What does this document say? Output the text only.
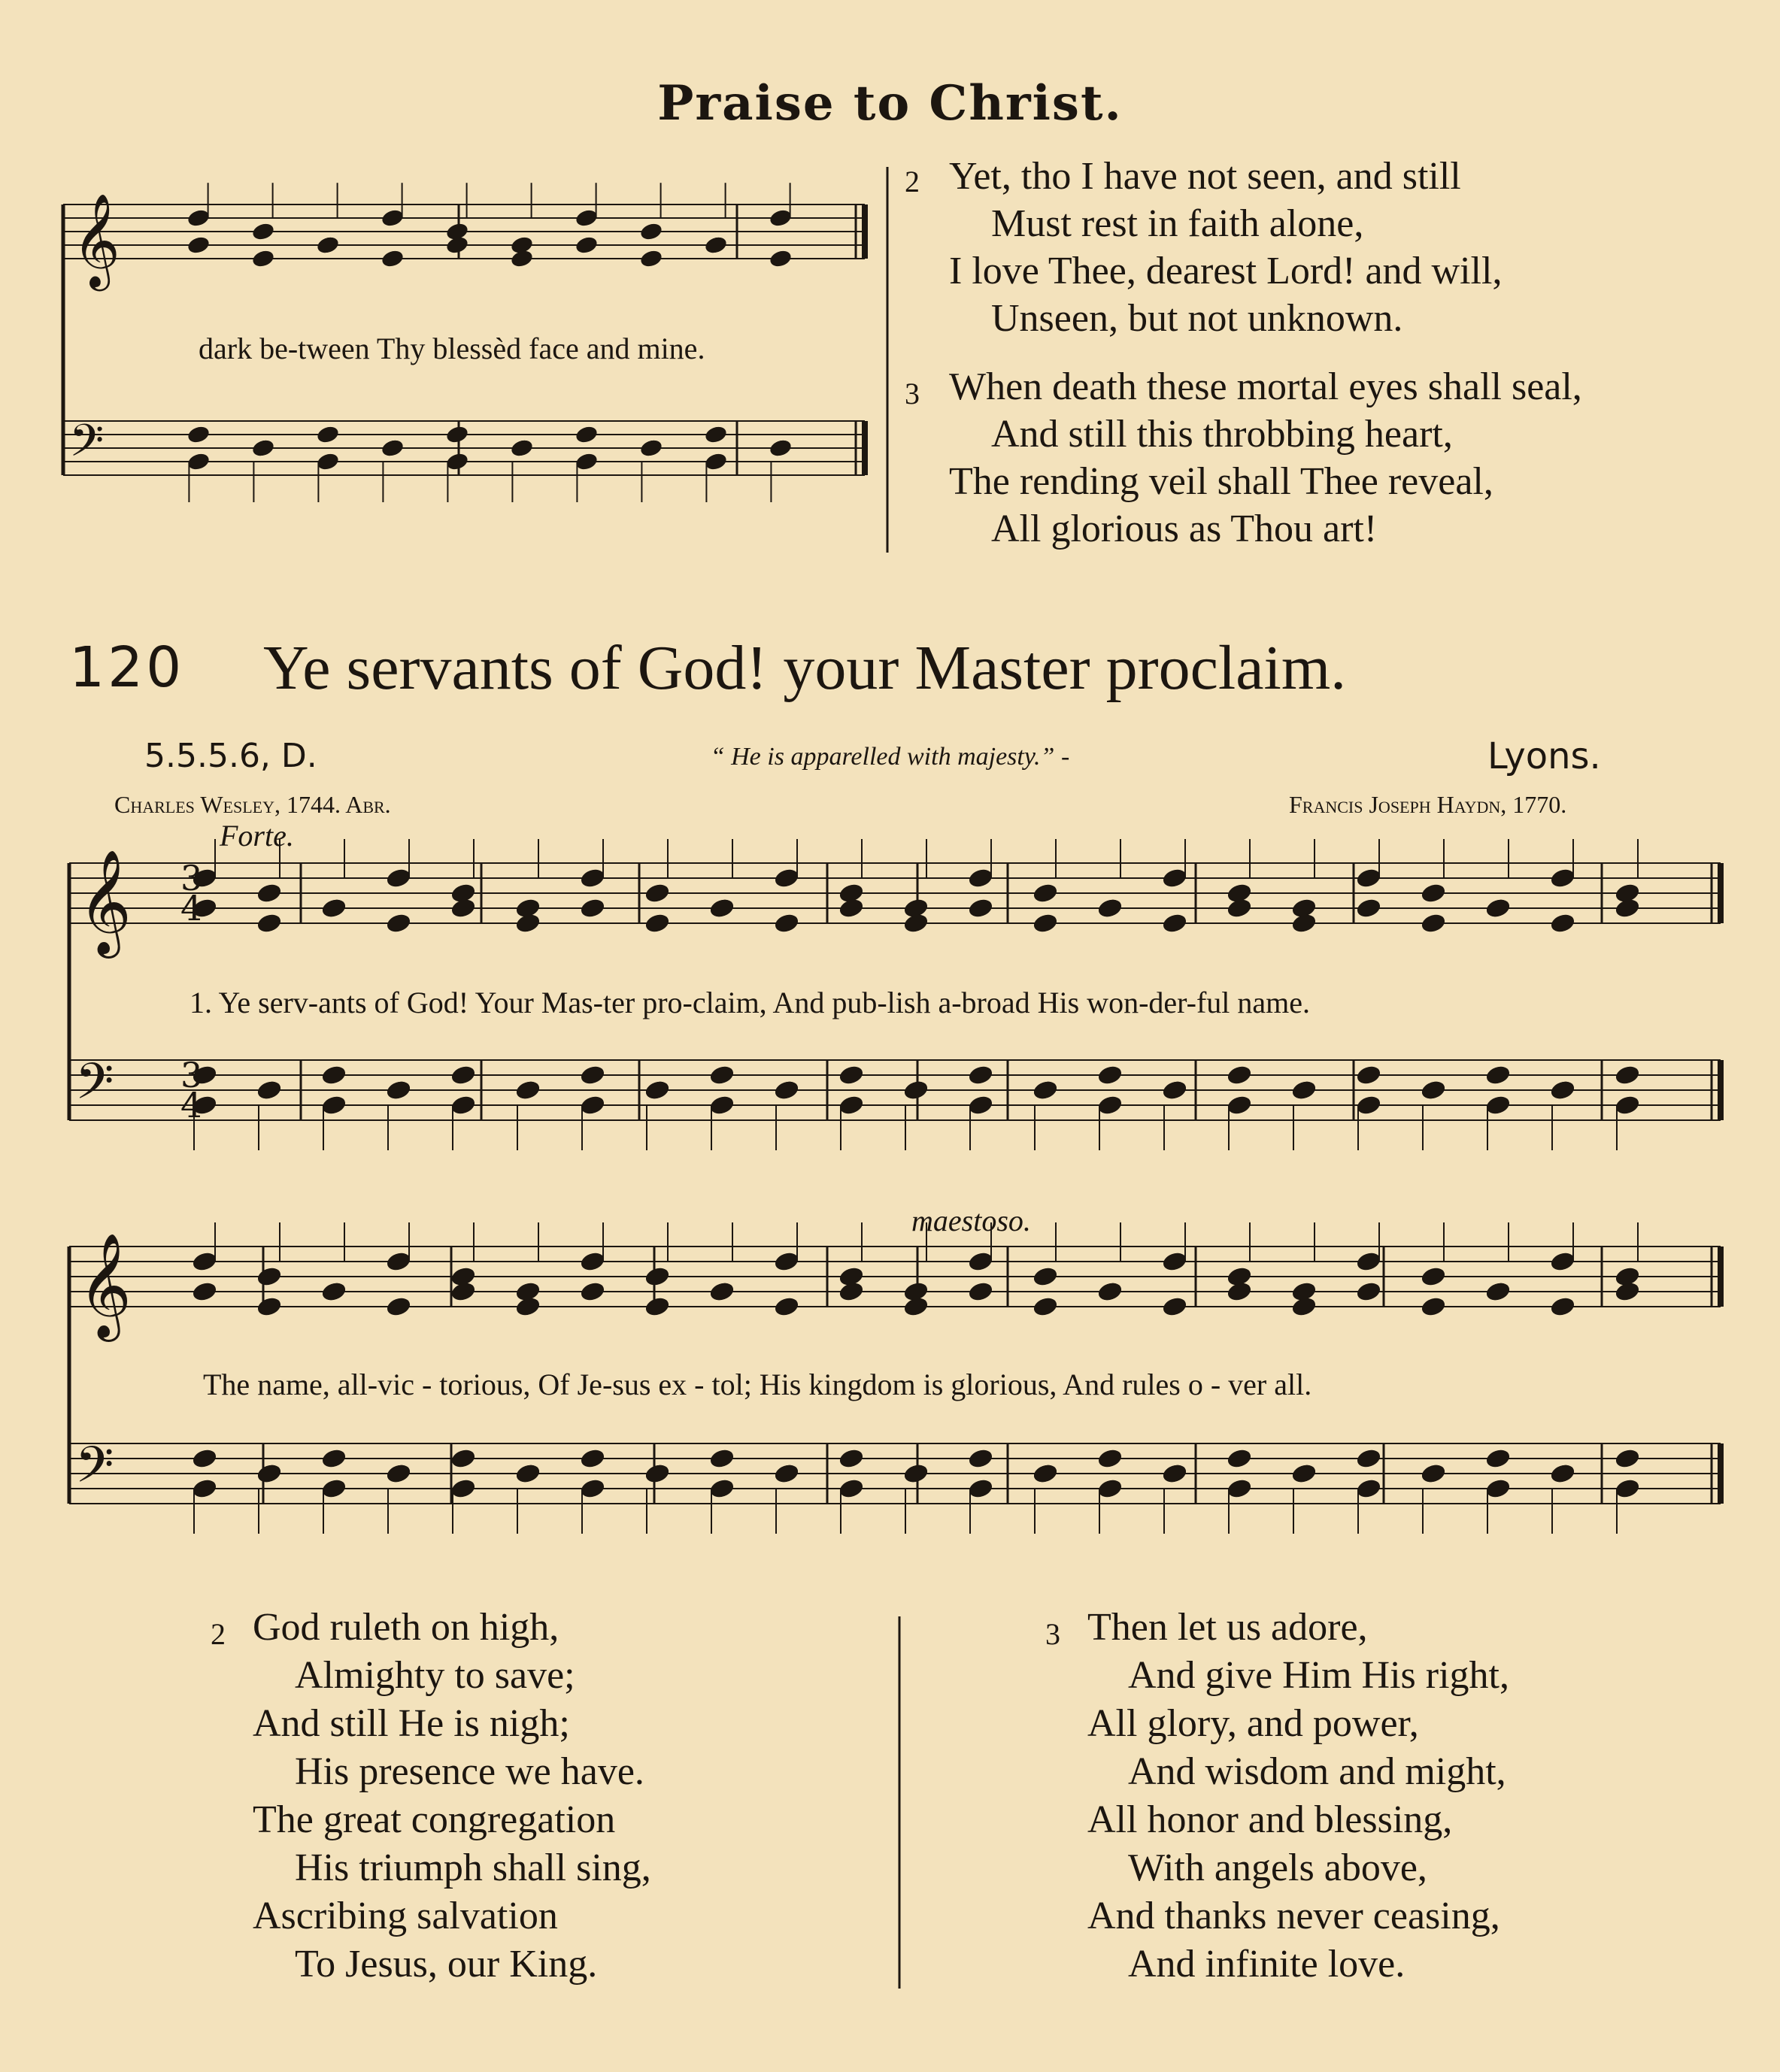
Praise to Christ.
𝄞
𝄢
𝄞
𝄢
𝄞
𝄢
3
4
3
4
dark be-tween Thy blessèd face and mine.
2 Yet, tho I have not seen, and still
Must rest in faith alone,
I love Thee, dearest Lord! and will,
Unseen, but not unknown.
3 When death these mortal eyes shall seal,
And still this throbbing heart,
The rending veil shall Thee reveal,
All glorious as Thou art!
120 Ye servants of God! your Master proclaim.
5.5.5.6, D.	“ He is apparelled with majesty.” -	Lyons.
Charles Wesley, 1744. Abr.	Francis Joseph Haydn, 1770.
Forte.
maestoso.
1. Ye serv-ants of God! Your Mas-ter pro-claim, And pub-lish a-broad His won-der-ful name.
The name, all-vic - torious, Of Je-sus ex - tol; His kingdom is glorious, And rules o - ver all.
2 God ruleth on high,
Almighty to save;
And still He is nigh;
His presence we have.
The great congregation
His triumph shall sing,
Ascribing salvation
To Jesus, our King.
3 Then let us adore,
And give Him His right,
All glory, and power,
And wisdom and might,
All honor and blessing,
With angels above,
And thanks never ceasing,
And infinite love.
